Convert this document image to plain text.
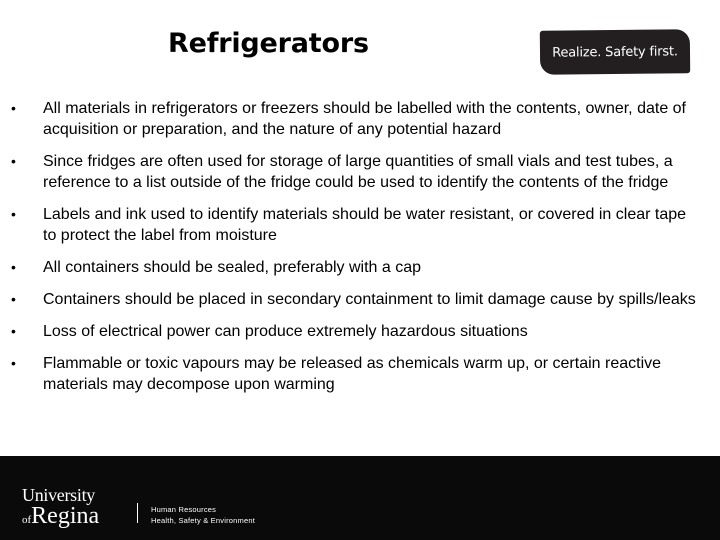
Refrigerators	Realize. Safety first.
•	All materials in refrigerators or freezers should be labelled with the contents, owner, date of acquisition or preparation, and the nature of any potential hazard
•	Since fridges are often used for storage of large quantities of small vials and test tubes, a reference to a list outside of the fridge could be used to identify the contents of the fridge
•	Labels and ink used to identify materials should be water resistant, or covered in clear tape to protect the label from moisture
•	All containers should be sealed, preferably with a cap
•	Containers should be placed in secondary containment to limit damage cause by spills/leaks
•	Loss of electrical power can produce extremely hazardous situations
•	Flammable or toxic vapours may be released as chemicals warm up, or certain reactive materials may decompose upon warming
University
ofRegina	Human Resources
Health, Safety & Environment
